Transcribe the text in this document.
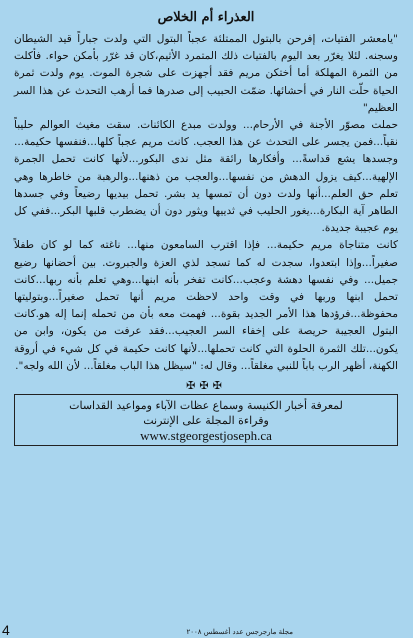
العذراء أم الخلاص

"يامعشر الفتيات، إفرحن بالبتول الممتلئة عجباً البتول التي ولدت جباراً قيد الشيطان وسجنه. لئلا يغرّر بعد اليوم بالفتيات ذلك المتمرد الأثيم،كان قد غرّر بأمكن حواء. فأكلت من الثمرة المهلكة أما أختكن مريم فقد أجهزت على شجرة الموت. يوم ولدت ثمرة الحياة حلّت النار في أحشائها. ضمّت الحبيب إلى صدرها فما أرهب التحدث عن هذا السر العظيم"

حملت مصوّر الأجنة في الأرحام... وولدت مبدع الكائنات. سقت مغيث العوالم حليباً نقياً...فمن يجسر على التحدث عن هذا العجب. كانت مريم عجباً كلها...فنفسها حكيمة... وجسدها يشع قداسةً... وأفكارها رائقة مثل ندى البكور...لأنها كانت تحمل الجمرة الإلهية...كيف يزول الدهش من نفسها...والعجب من ذهنها...والرهبة من خاطرها وهي تعلم حق العلم...أنها ولدت دون أن تمسها يد بشر. تحمل بيديها رضيعاً وفي جسدها الطاهر آية البكارة...يغور الحليب في ثدييها ويثور دون أن يضطرب قلبها البكر...ففي كل يوم عجيبة جديدة.

كانت متناجاة مريم حكيمة... فإذا اقترب السامعون منها... ناغته كما لو كان طفلاً صغيراً...وإذا ابتعدوا، سجدت له كما تسجد لذي العزة والجبروت. بين أحضانها رضيع جميل... وفي نفسها دهشة وعجب...كانت تفخر بأنه ابنها...وهي تعلم بأنه ربها...كانت تحمل ابنها وربها في وقت واحد لاحظت مريم أنها تحمل صغيراً...وبتوليتها محفوظة...فرؤدها هذا الأمر الجديد بقوة... فهمت معه بأن من تحمله إنما إله هو.كانت البتول العجيبة حريصة على إخفاء السر العجيب...فقد عرفت من يكون، وابن من يكون...تلك الثمرة الحلوة التي كانت تحملها...لأنها كانت حكيمة في كل شيء في أروقة الكهنة، أظهر الرب باباً للنبي مغلقاً... وقال له: "سيظل هذا الباب مغلقاً... لأن الله ولجه".

✠✠✠
لمعرفة أخبار الكنيسة وسماع عظات الآباء ومواعيد القداسات
وقراءة المجلة على الإنترنت
www.stgeorgestjoseph.ca
4	مجلة مارجرجس عدد أغسطس ٢٠٠٨
